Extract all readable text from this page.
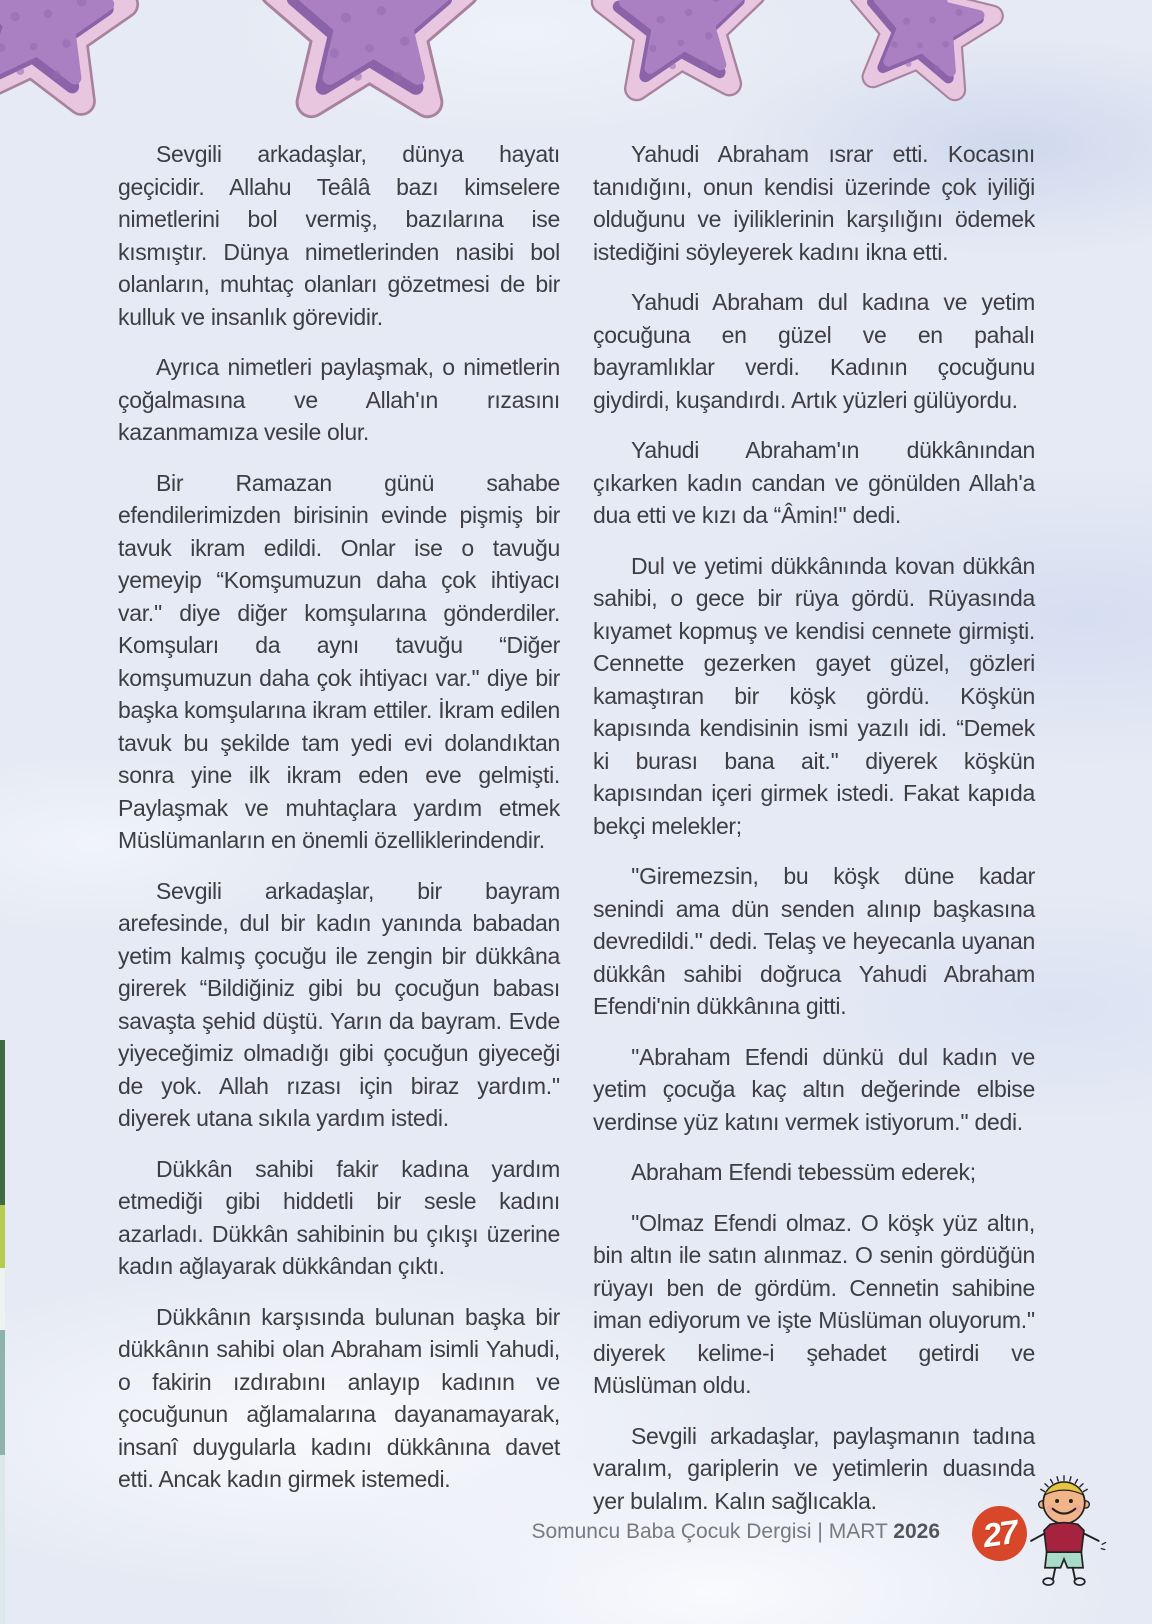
Sevgili arkadaşlar, dünya hayatı geçicidir. Allahu Teâlâ bazı kimselere nimetlerini bol vermiş, bazılarına ise kısmıştır. Dünya nimetlerinden nasibi bol olanların, muhtaç olanları gözetmesi de bir kulluk ve insanlık görevidir.

Ayrıca nimetleri paylaşmak, o nimetlerin çoğalmasına ve Allah'ın rızasını kazanmamıza vesile olur.

Bir Ramazan günü sahabe efendilerimizden birisinin evinde pişmiş bir tavuk ikram edildi. Onlar ise o tavuğu yemeyip “Komşumuzun daha çok ihtiyacı var.'' diye diğer komşularına gönderdiler. Komşuları da aynı tavuğu “Diğer komşumuzun daha çok ihtiyacı var.'' diye bir başka komşularına ikram ettiler. İkram edilen tavuk bu şekilde tam yedi evi dolandıktan sonra yine ilk ikram eden eve gelmişti. Paylaşmak ve muhtaçlara yardım etmek Müslümanların en önemli özelliklerindendir.

Sevgili arkadaşlar, bir bayram arefesinde, dul bir kadın yanında babadan yetim kalmış çocuğu ile zengin bir dükkâna girerek “Bildiğiniz gibi bu çocuğun babası savaşta şehid düştü. Yarın da bayram. Evde yiyeceğimiz olmadığı gibi çocuğun giyeceği de yok. Allah rızası için biraz yardım.'' diyerek utana sıkıla yardım istedi.

Dükkân sahibi fakir kadına yardım etmediği gibi hiddetli bir sesle kadını azarladı. Dükkân sahibinin bu çıkışı üzerine kadın ağlayarak dükkândan çıktı.

Dükkânın karşısında bulunan başka bir dükkânın sahibi olan Abraham isimli Yahudi, o fakirin ızdırabını anlayıp kadının ve çocuğunun ağlamalarına dayanamayarak, insanî duygularla kadını dükkânına davet etti. Ancak kadın girmek istemedi.

Yahudi Abraham ısrar etti. Kocasını tanıdığını, onun kendisi üzerinde çok iyiliği olduğunu ve iyiliklerinin karşılığını ödemek istediğini söyleyerek kadını ikna etti.

Yahudi Abraham dul kadına ve yetim çocuğuna en güzel ve en pahalı bayramlıklar verdi. Kadının çocuğunu giydirdi, kuşandırdı. Artık yüzleri gülüyordu.

Yahudi Abraham'ın dükkânından çıkarken kadın candan ve gönülden Allah'a dua etti ve kızı da “Âmin!'' dedi.

Dul ve yetimi dükkânında kovan dükkân sahibi, o gece bir rüya gördü. Rüyasında kıyamet kopmuş ve kendisi cennete girmişti. Cennette gezerken gayet güzel, gözleri kamaştıran bir köşk gördü. Köşkün kapısında kendisinin ismi yazılı idi. “Demek ki burası bana ait.'' diyerek köşkün kapısından içeri girmek istedi. Fakat kapıda bekçi melekler;

''Giremezsin, bu köşk düne kadar senindi ama dün senden alınıp başkasına devredildi.'' dedi. Telaş ve heyecanla uyanan dükkân sahibi doğruca Yahudi Abraham Efendi'nin dükkânına gitti.

''Abraham Efendi dünkü dul kadın ve yetim çocuğa kaç altın değerinde elbise verdinse yüz katını vermek istiyorum.'' dedi.

Abraham Efendi tebessüm ederek;

''Olmaz Efendi olmaz. O köşk yüz altın, bin altın ile satın alınmaz. O senin gördüğün rüyayı ben de gördüm. Cennetin sahibine iman ediyorum ve işte Müslüman oluyorum.'' diyerek kelime-i şehadet getirdi ve Müslüman oldu.

Sevgili arkadaşlar, paylaşmanın tadına varalım, gariplerin ve yetimlerin duasında yer bulalım. Kalın sağlıcakla.

Somuncu Baba Çocuk Dergisi | MART 2026 27
